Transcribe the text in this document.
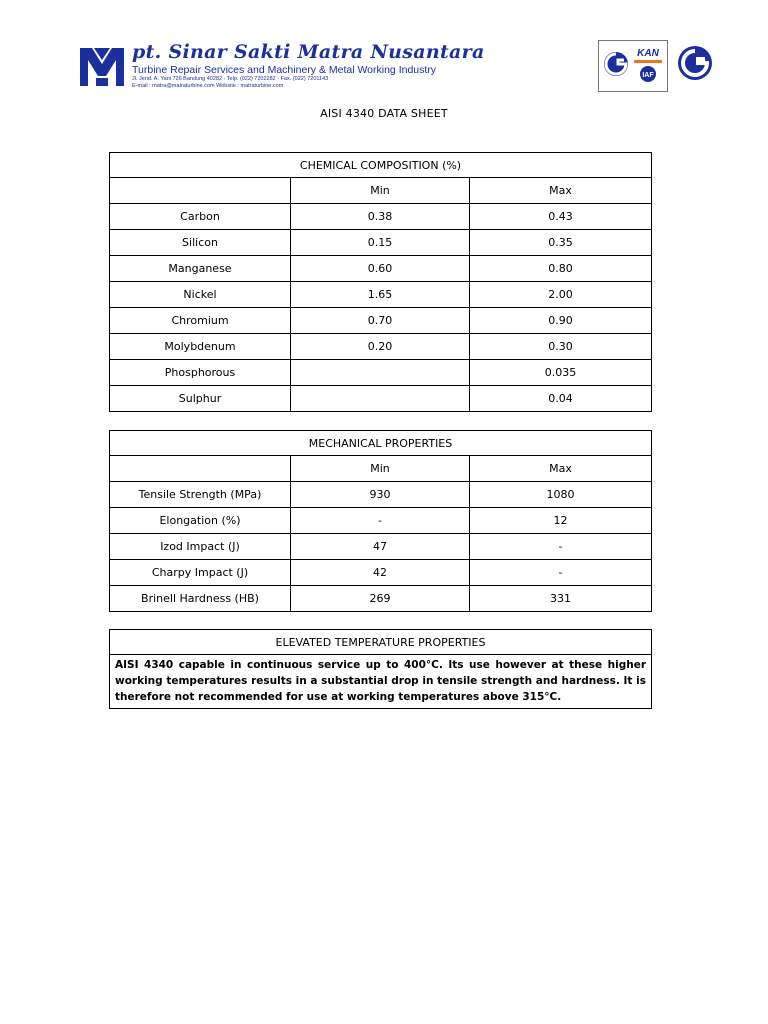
pt. Sinar Sakti Matra Nusantara
Turbine Repair Services and Machinery & Metal Working Industry
Jl. Jend. A. Yani 726 Bandung 40282 - Telp. (022) 7202282 - Fax. (022) 7201143
E-mail : matra@matraturbine.com Website : matraturbine.com
KAN
IAF
AISI 4340 DATA SHEET
CHEMICAL COMPOSITION (%)		
	Min	Max
Carbon	0.38	0.43
Silicon	0.15	0.35
Manganese	0.60	0.80
Nickel	1.65	2.00
Chromium	0.70	0.90
Molybdenum	0.20	0.30
Phosphorous		0.035
Sulphur		0.04
MECHANICAL PROPERTIES		
	Min	Max
Tensile Strength (MPa)	930	1080
Elongation (%)	-	12
Izod Impact (J)	47	-
Charpy Impact (J)	42	-
Brinell Hardness (HB)	269	331
ELEVATED TEMPERATURE PROPERTIES
AISI 4340 capable in continuous service up to 400°C. Its use however at these higher working temperatures results in a substantial drop in tensile strength and hardness. It is therefore not recommended for use at working temperatures above 315°C.
